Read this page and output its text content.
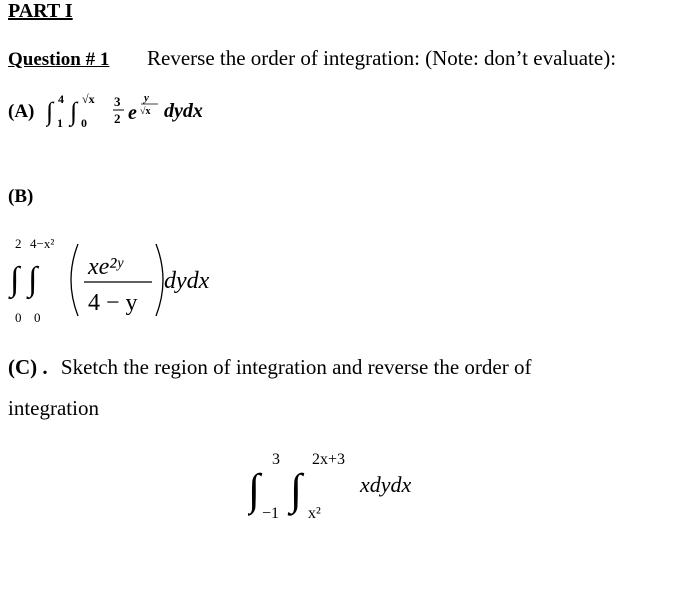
PART I
Question # 1 Reverse the order of integration: (Note: don’t evaluate):
(A) ∫ 4
1 ∫ √x
0
3
2 e
y
√x dydx
(B)
2 4−x²
∫ ∫
0 0
xe²ʸ
4 − y
dydx
(C) . Sketch the region of integration and reverse the order of
integration
∫
3
−1 ∫
2x+3
x²
xdydx
